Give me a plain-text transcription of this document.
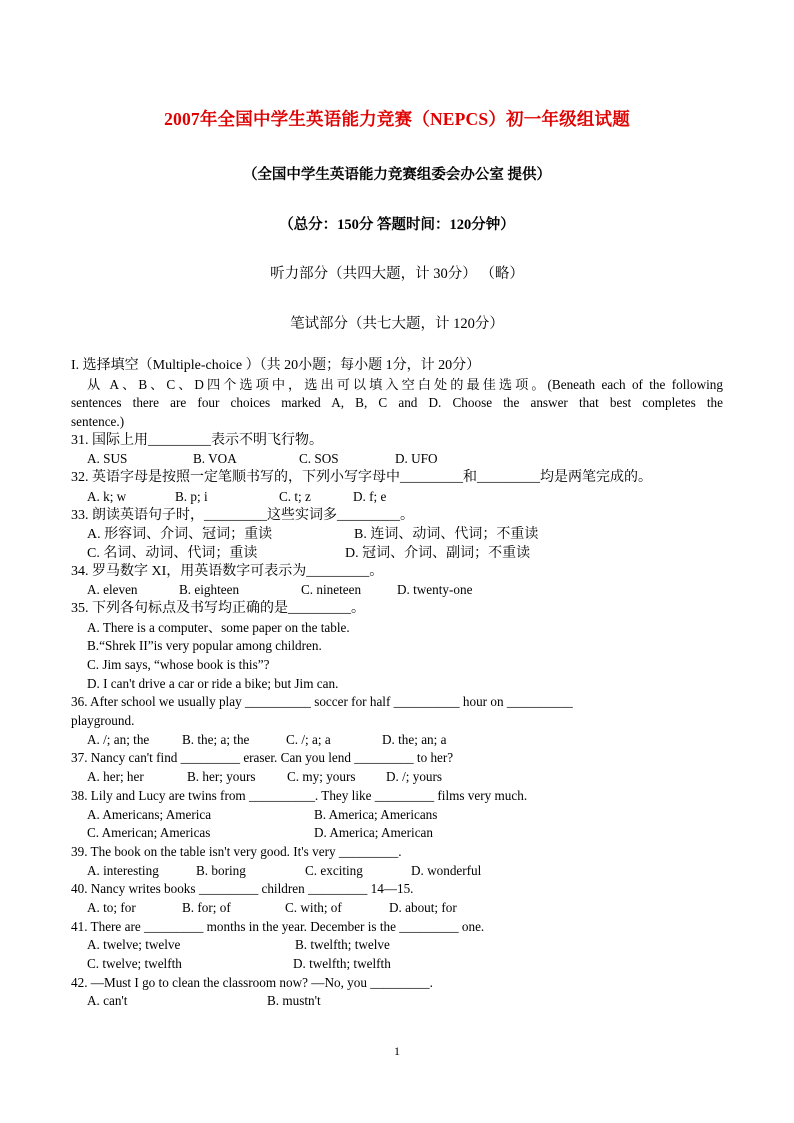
2007年全国中学生英语能力竞赛（NEPCS）初一年级组试题
（全国中学生英语能力竞赛组委会办公室 提供）
（总分：150分 答题时间：120分钟）
听力部分（共四大题，计 30分） （略）
笔试部分（共七大题，计 120分）
I. 选择填空（Multiple-choice ）（共 20小题；每小题 1分，计 20分）
从 A、B、C、D四个选项中，选出可以填入空白处的最佳选项。(Beneath each of the following
sentences there are four choices marked A, B, C and D. Choose the answer that best completes the
sentence.)
31. 国际上用_________表示不明飞行物。
A. SUS	B. VOA	C. SOS	D. UFO
32. 英语字母是按照一定笔顺书写的，下列小写字母中_________和_________均是两笔完成的。
A. k; w	B. p; i	C. t; z	D. f; e
33. 朗读英语句子时，_________这些实词多_________。
A. 形容词、介词、冠词；重读	B. 连词、动词、代词；不重读
C. 名词、动词、代词；重读	D. 冠词、介词、副词；不重读
34. 罗马数字 XI，用英语数字可表示为_________。
A. eleven	B. eighteen	C. nineteen	D. twenty-one
35. 下列各句标点及书写均正确的是_________。
A. There is a computer、some paper on the table.
B.“Shrek II”is very popular among children.
C. Jim says, “whose book is this”?
D. I can't drive a car or ride a bike; but Jim can.
36. After school we usually play __________ soccer for half __________ hour on __________
playground.
A. /; an; the B. the; a; the	C. /; a; a	D. the; an; a
37. Nancy can't find _________ eraser. Can you lend _________ to her?
A. her; her	B. her; yours C. my; yours D. /; yours
38. Lily and Lucy are twins from __________. They like _________ films very much.
A. Americans; America	B. America; Americans
C. American; Americas	D. America; American
39. The book on the table isn't very good. It's very _________.
A. interesting	B. boring	C. exciting	D. wonderful
40. Nancy writes books _________ children _________ 14—15.
A. to; for	B. for; of	C. with; of	D. about; for
41. There are _________ months in the year. December is the _________ one.
A. twelve; twelve	B. twelfth; twelve
C. twelve; twelfth	D. twelfth; twelfth
42. —Must I go to clean the classroom now? —No, you _________.
A. can't	B. mustn't
1
